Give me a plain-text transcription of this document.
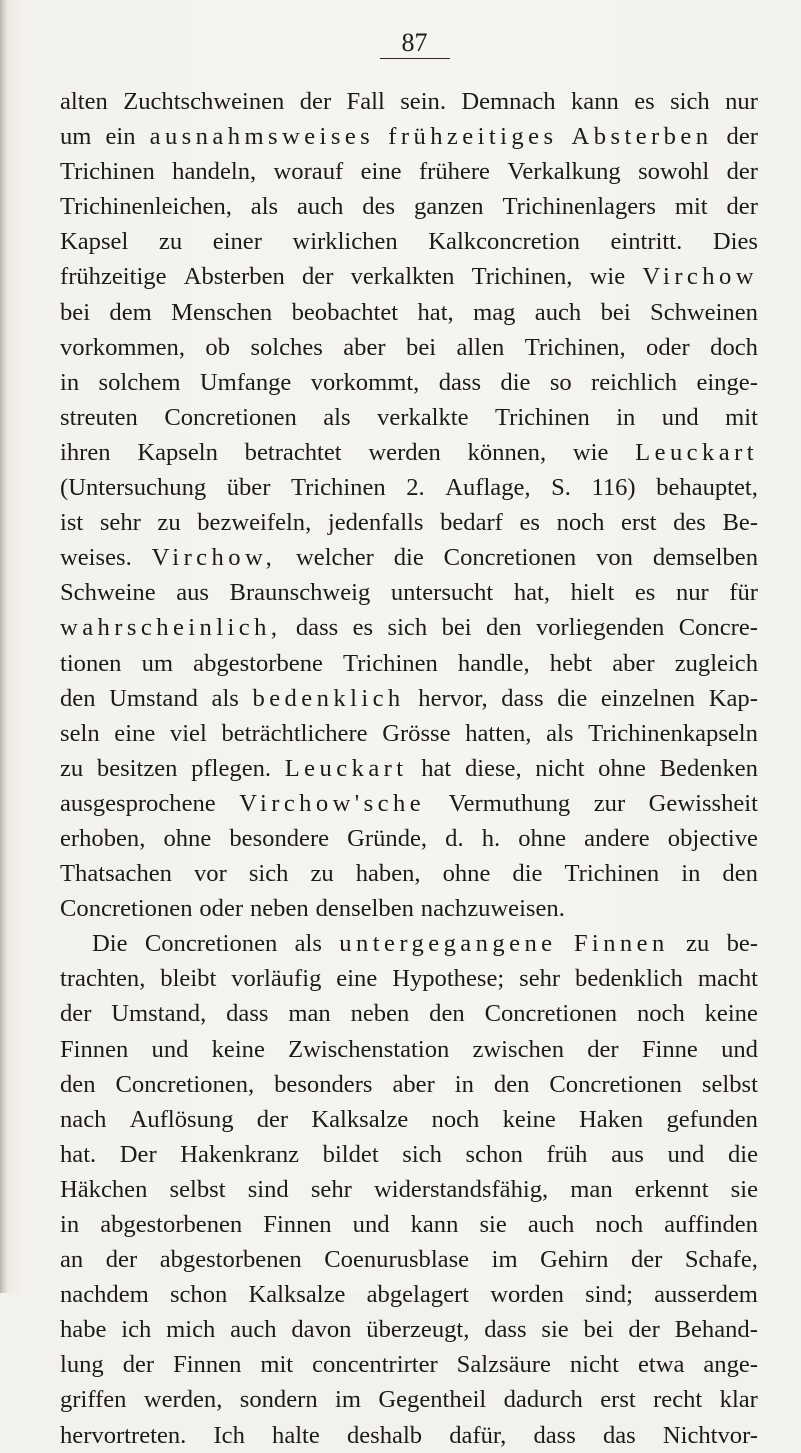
87
alten Zuchtschweinen der Fall sein. Demnach kann es sich nur
um ein ausnahmsweises frühzeitiges Absterben der
Trichinen handeln, worauf eine frühere Verkalkung sowohl der
Trichinenleichen, als auch des ganzen Trichinenlagers mit der
Kapsel zu einer wirklichen Kalkconcretion eintritt. Dies
frühzeitige Absterben der verkalkten Trichinen, wie Virchow
bei dem Menschen beobachtet hat, mag auch bei Schweinen
vorkommen, ob solches aber bei allen Trichinen, oder doch
in solchem Umfange vorkommt, dass die so reichlich einge-
streuten Concretionen als verkalkte Trichinen in und mit
ihren Kapseln betrachtet werden können, wie Leuckart
(Untersuchung über Trichinen 2. Auflage, S. 116) behauptet,
ist sehr zu bezweifeln, jedenfalls bedarf es noch erst des Be-
weises. Virchow, welcher die Concretionen von demselben
Schweine aus Braunschweig untersucht hat, hielt es nur für
wahrscheinlich, dass es sich bei den vorliegenden Concre-
tionen um abgestorbene Trichinen handle, hebt aber zugleich
den Umstand als bedenklich hervor, dass die einzelnen Kap-
seln eine viel beträchtlichere Grösse hatten, als Trichinenkapseln
zu besitzen pflegen. Leuckart hat diese, nicht ohne Bedenken
ausgesprochene Virchow'sche Vermuthung zur Gewissheit
erhoben, ohne besondere Gründe, d. h. ohne andere objective
Thatsachen vor sich zu haben, ohne die Trichinen in den
Concretionen oder neben denselben nachzuweisen.
Die Concretionen als untergegangene Finnen zu be-
trachten, bleibt vorläufig eine Hypothese; sehr bedenklich macht
der Umstand, dass man neben den Concretionen noch keine
Finnen und keine Zwischenstation zwischen der Finne und
den Concretionen, besonders aber in den Concretionen selbst
nach Auflösung der Kalksalze noch keine Haken gefunden
hat. Der Hakenkranz bildet sich schon früh aus und die
Häkchen selbst sind sehr widerstandsfähig, man erkennt sie
in abgestorbenen Finnen und kann sie auch noch auffinden
an der abgestorbenen Coenurusblase im Gehirn der Schafe,
nachdem schon Kalksalze abgelagert worden sind; ausserdem
habe ich mich auch davon überzeugt, dass sie bei der Behand-
lung der Finnen mit concentrirter Salzsäure nicht etwa ange-
griffen werden, sondern im Gegentheil dadurch erst recht klar
hervortreten. Ich halte deshalb dafür, dass das Nichtvor-
